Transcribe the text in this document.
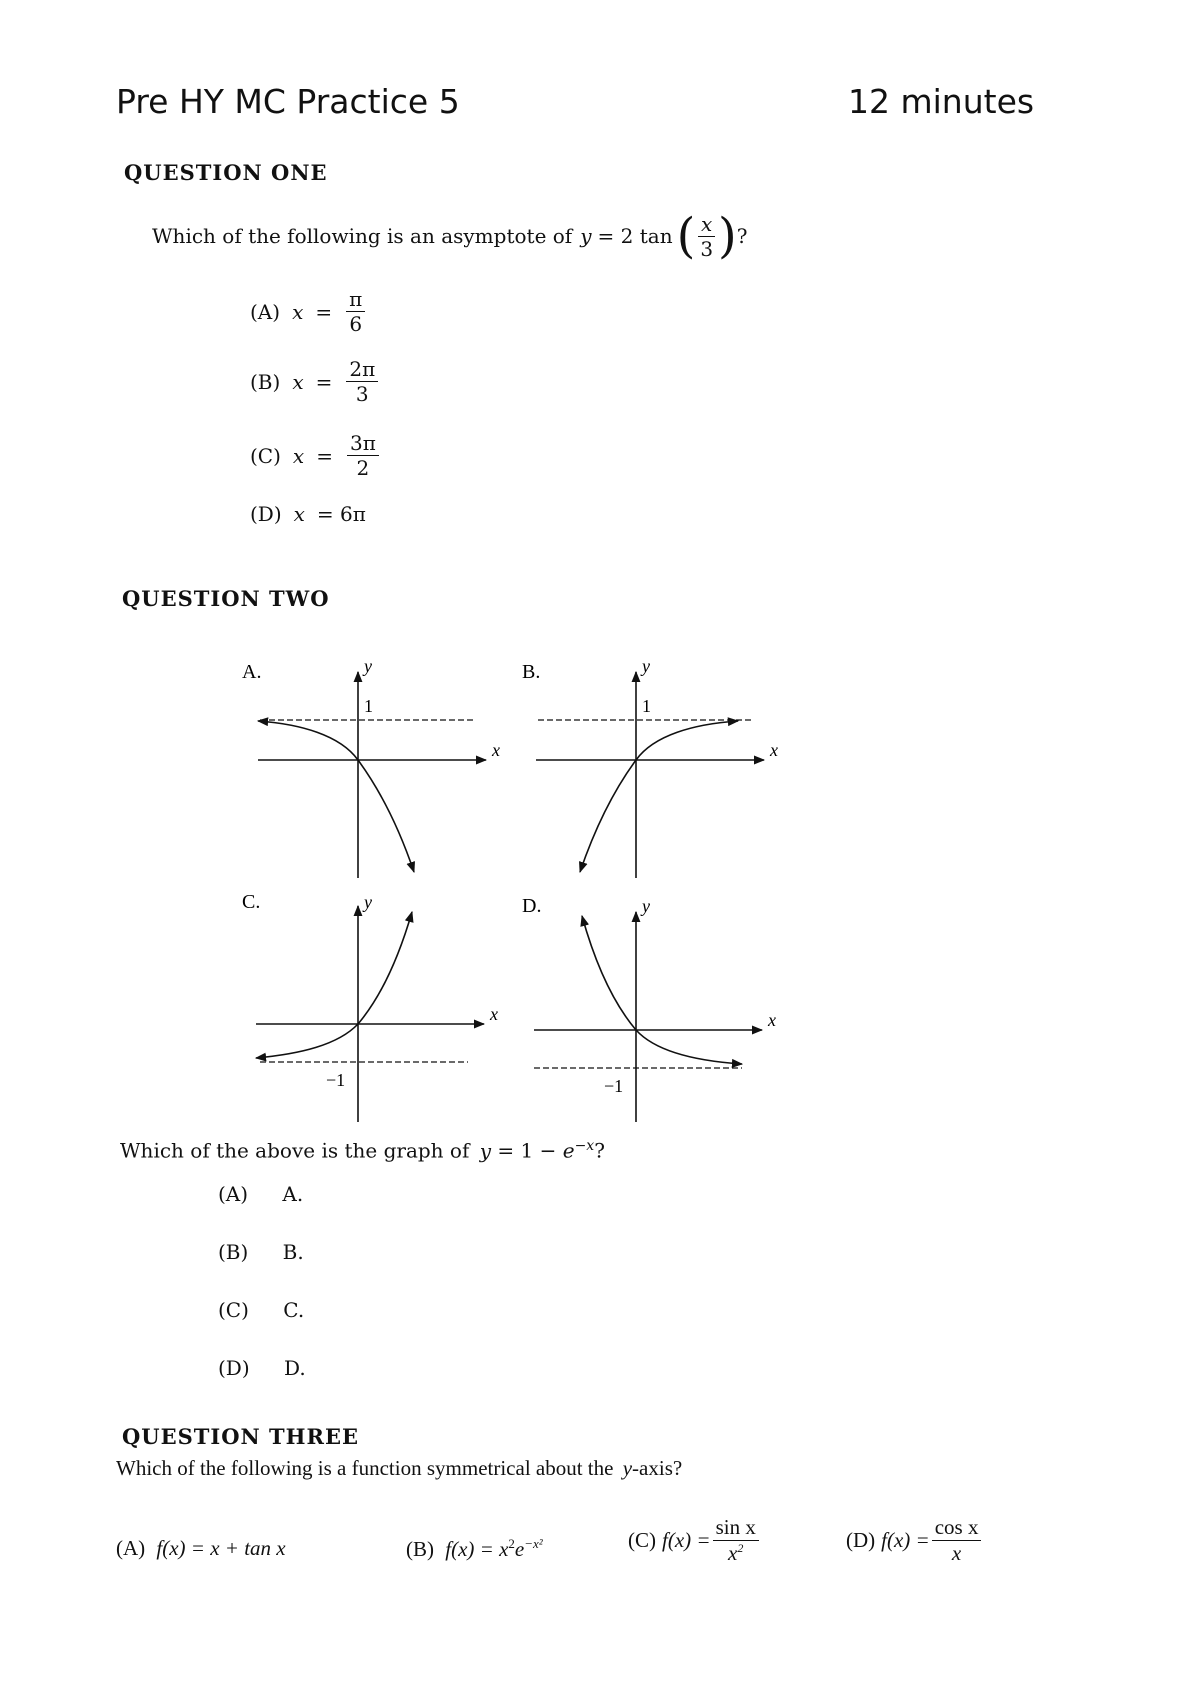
Pre HY MC Practice 5	12 minutes
QUESTION ONE
Which of the following is an asymptote of y = 2 tan ( $\frac{x}{3}$ ) ?
(A) $x = \frac{\pi}{6}$
(B) $x = \frac{2\pi}{3}$
(C) $x = \frac{3\pi}{2}$
(D) x = 6π
QUESTION TWO
A.
1
x
y	B.
1
x
y
C.
−1
x
y	D.
−1
x
y
Which of the above is the graph of $y = 1 - e^{-x}$?
(A) A.
(B) B.
(C) C.
(D) D.
QUESTION THREE
Which of the following is a function symmetrical about the y-axis?
(A) f(x) = x + tan x	(B) $f(x) = x^2e^{-x^2}$	(C) $f(x) = \frac{\text{sin x}}{x^2}$	(D) $f(x) = \frac{\text{cos x}}{x}$
